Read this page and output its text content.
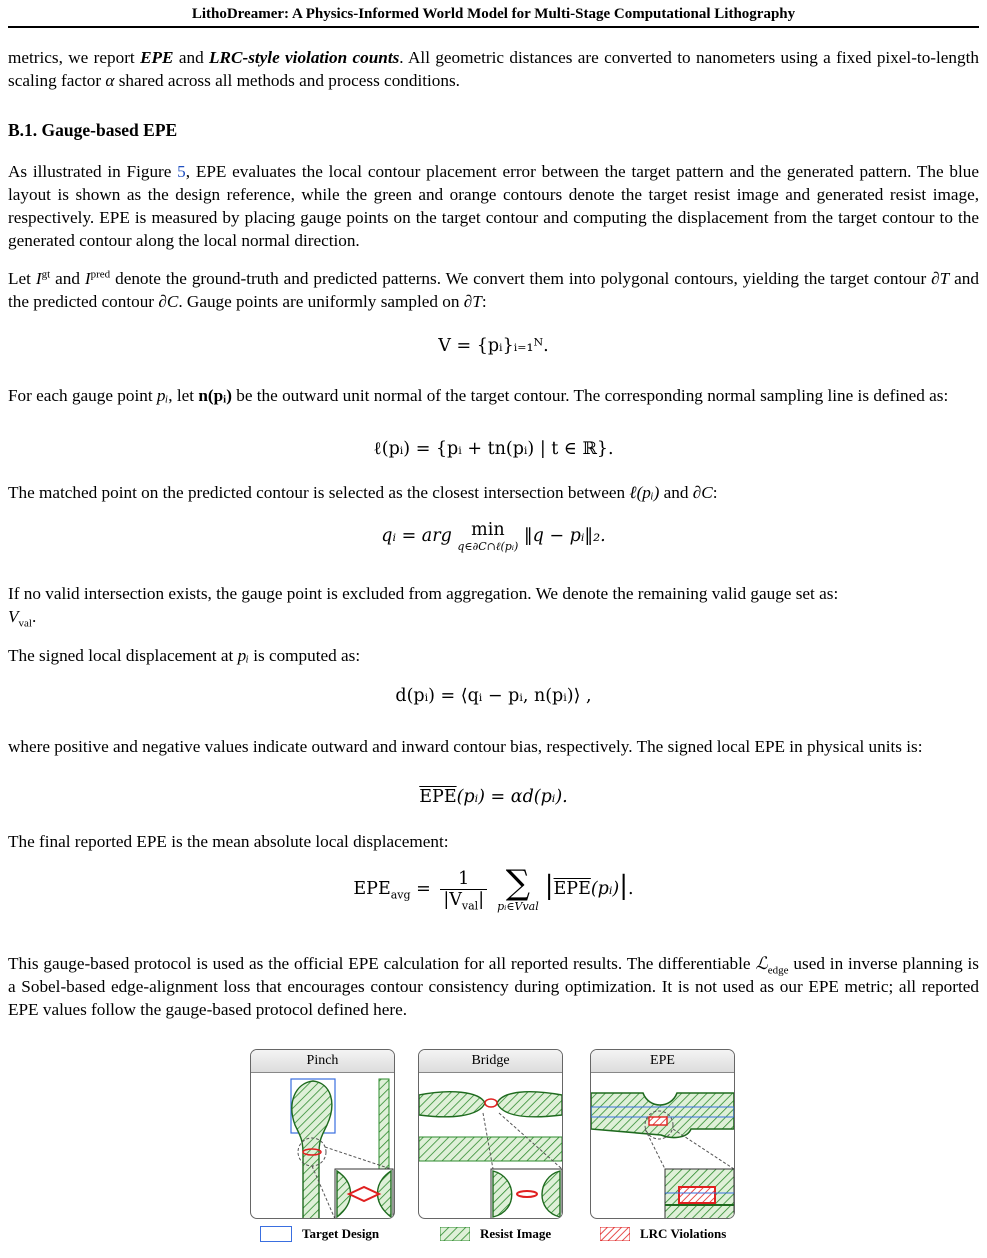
LithoDreamer: A Physics-Informed World Model for Multi-Stage Computational Lithography

metrics, we report EPE and LRC-style violation counts. All geometric distances are converted to nanometers using a fixed pixel-to-length scaling factor α shared across all methods and process conditions.

B.1. Gauge-based EPE

As illustrated in Figure 5, EPE evaluates the local contour placement error between the target pattern and the generated pattern. The blue layout is shown as the design reference, while the green and orange contours denote the target resist image and generated resist image, respectively. EPE is measured by placing gauge points on the target contour and computing the displacement from the target contour to the generated contour along the local normal direction.

Let $I^{gt}$ and $I^{pred}$ denote the ground-truth and predicted patterns. We convert them into polygonal contours, yielding the target contour ∂T and the predicted contour ∂C. Gauge points are uniformly sampled on ∂T:

V = {pᵢ}ᵢ₌₁ᴺ.

For each gauge point pᵢ, let n(pᵢ) be the outward unit normal of the target contour. The corresponding normal sampling line is defined as:

ℓ(pᵢ) = {pᵢ + tn(pᵢ) | t ∈ ℝ}.

The matched point on the predicted contour is selected as the closest intersection between ℓ(pᵢ) and ∂C:

qᵢ = arg min
q∈∂C∩ℓ(pᵢ)
‖q − pᵢ‖₂.

If no valid intersection exists, the gauge point is excluded from aggregation. We denote the remaining valid gauge set as:
$V_{val}$.

The signed local displacement at pᵢ is computed as:

d(pᵢ) = ⟨qᵢ − pᵢ, n(pᵢ)⟩ ,

where positive and negative values indicate outward and inward contour bias, respectively. The signed local EPE in physical units is:

$\overline{EPE}(pᵢ)$ = αd(pᵢ).

The final reported EPE is the mean absolute local displacement:

$EPE_{avg} = \frac{1}{|V_{val}|}$ ∑
pᵢ∈Vval
$|\overline{EPE}(pᵢ)|$.

This gauge-based protocol is used as the official EPE calculation for all reported results. The differentiable ℒ$_{edge}$ used in inverse planning is a Sobel-based edge-alignment loss that encourages contour consistency during optimization. It is not used as our EPE metric; all reported EPE values follow the gauge-based protocol defined here.

Pinch	Bridge	EPE
Target Design	Resist Image	LRC Violations
